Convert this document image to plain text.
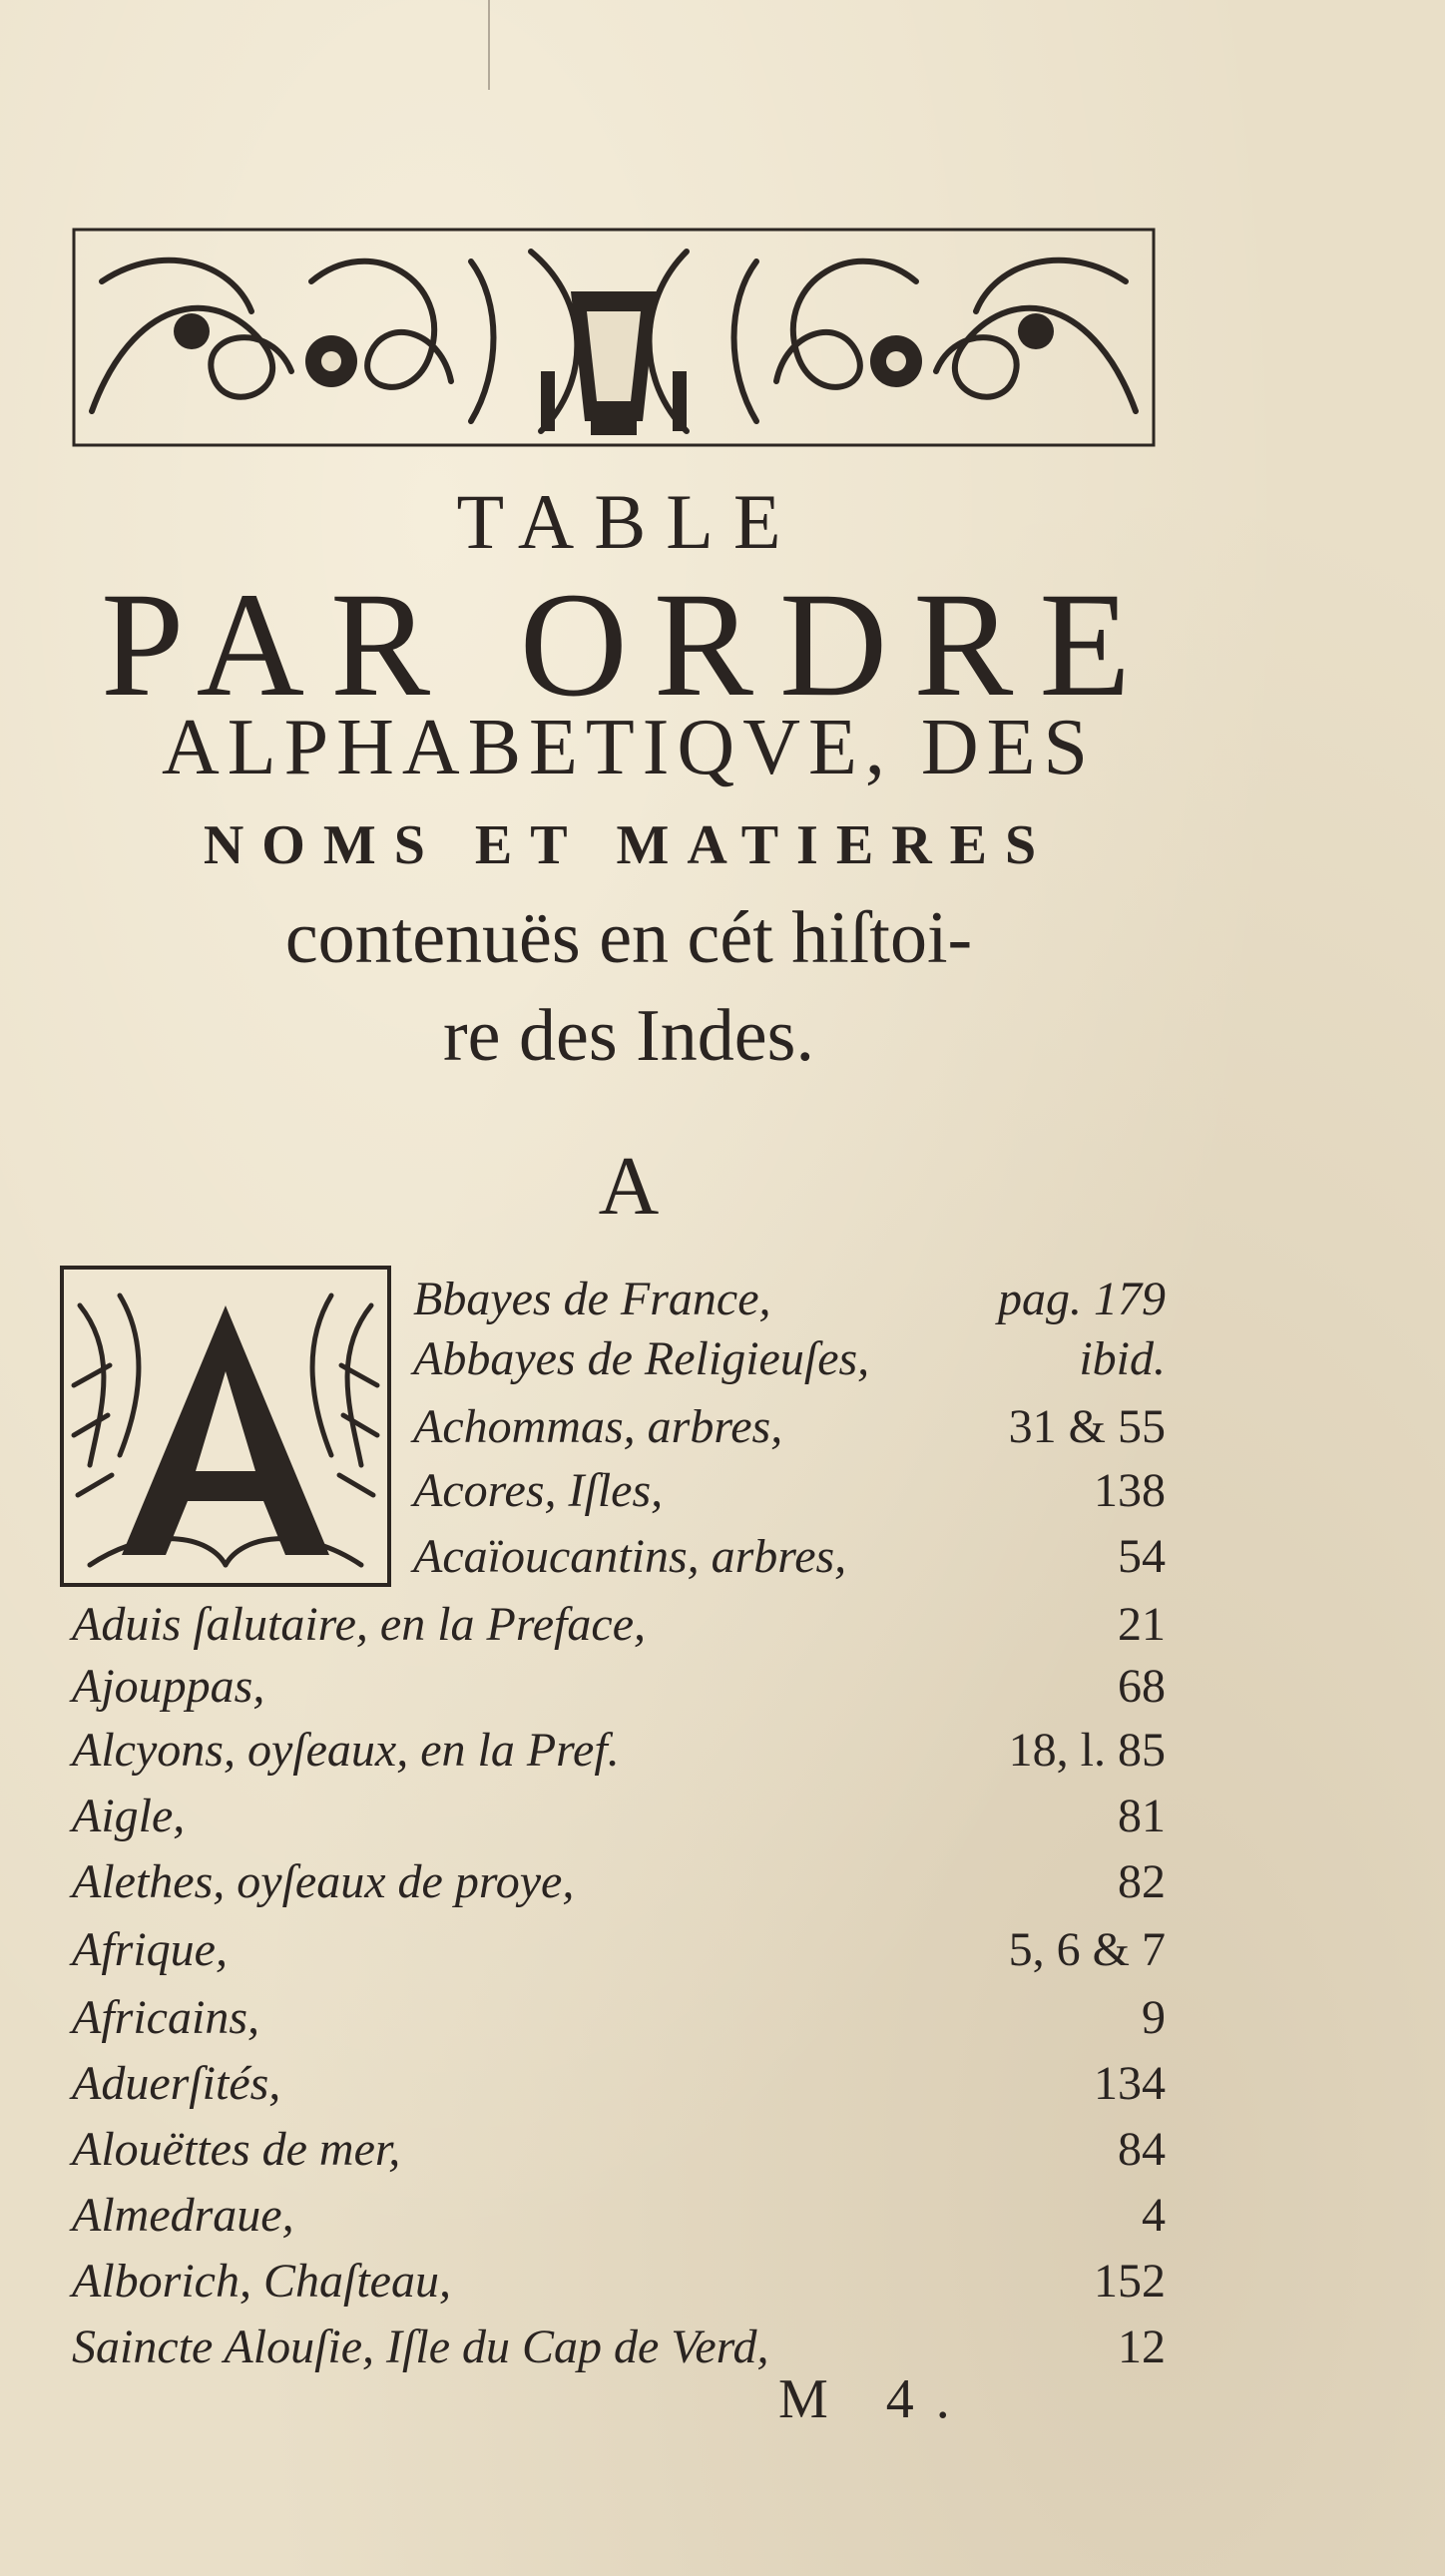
TABLE
PAR ORDRE
ALPHABETIQVE, DES
NOMS ET MATIERES
contenuës en cét hiſtoi-
re des Indes.
A
Bbayes de France,	pag. 179
Abbayes de Religieuſes,	ibid.
Achommas, arbres,	31 & 55
Acores, Iſles,	138
Acaïoucantins, arbres,	54
Aduis ſalutaire, en la Preface,	21
Ajouppas,	68
Alcyons, oyſeaux, en la Pref.	18, l. 85
Aigle,	81
Alethes, oyſeaux de proye,	82
Afrique,	5, 6 & 7
Africains,	9
Aduerſités,	134
Alouëttes de mer,	84
Almedraue,	4
Alborich, Chaſteau,	152
Saincte Alouſie, Iſle du Cap de Verd,	12
M 4.
